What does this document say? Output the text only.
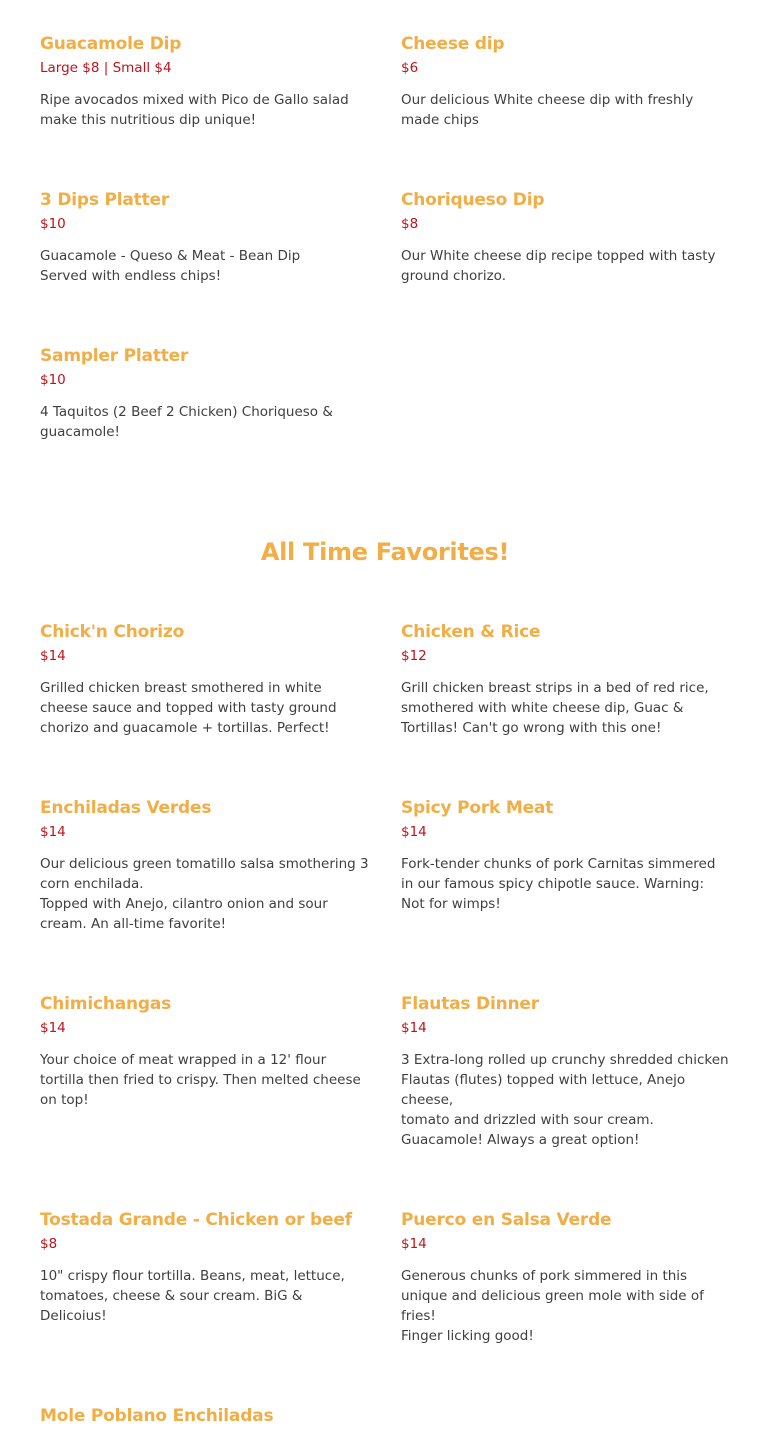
Guacamole Dip

Large $8 | Small $4

Ripe avocados mixed with Pico de Gallo salad make this nutritious dip unique!

Cheese dip

$6

Our delicious White cheese dip with freshly made chips

3 Dips Platter

$10

Guacamole - Queso & Meat - Bean Dip
Served with endless chips!

Choriqueso Dip

$8

Our White cheese dip recipe topped with tasty ground chorizo.

Sampler Platter

$10

4 Taquitos (2 Beef 2 Chicken) Choriqueso & guacamole!

All Time Favorites!
Chick'n Chorizo

$14

Grilled chicken breast smothered in white cheese sauce and topped with tasty ground chorizo and guacamole + tortillas. Perfect!

Chicken & Rice

$12

Grill chicken breast strips in a bed of red rice, smothered with white cheese dip, Guac & Tortillas! Can't go wrong with this one!

Enchiladas Verdes

$14

Our delicious green tomatillo salsa smothering 3 corn enchilada.
Topped with Anejo, cilantro onion and sour cream. An all-time favorite!

Spicy Pork Meat

$14

Fork-tender chunks of pork Carnitas simmered in our famous spicy chipotle sauce. Warning: Not for wimps!

Chimichangas

$14

Your choice of meat wrapped in a 12' flour tortilla then fried to crispy. Then melted cheese on top!

Flautas Dinner

$14

3 Extra-long rolled up crunchy shredded chicken Flautas (flutes) topped with lettuce, Anejo cheese,
tomato and drizzled with sour cream. Guacamole! Always a great option!

Tostada Grande - Chicken or beef

$8

10" crispy flour tortilla. Beans, meat, lettuce, tomatoes, cheese & sour cream. BiG & Delicoius!

Puerco en Salsa Verde

$14

Generous chunks of pork simmered in this unique and delicious green mole with side of fries!
Finger licking good!

Mole Poblano Enchiladas
